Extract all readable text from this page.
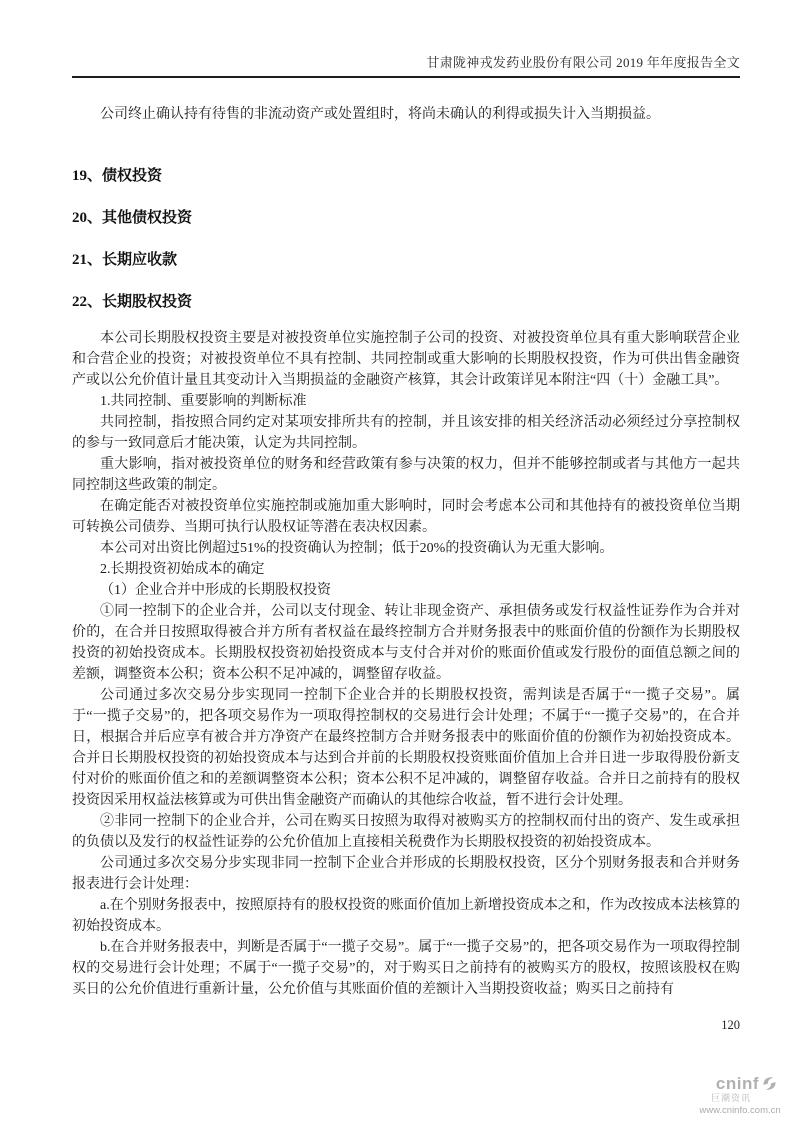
甘肃陇神戎发药业股份有限公司 2019 年年度报告全文

公司终止确认持有待售的非流动资产或处置组时，将尚未确认的利得或损失计入当期损益。

19、债权投资
20、其他债权投资
21、长期应收款
22、长期股权投资

本公司长期股权投资主要是对被投资单位实施控制子公司的投资、对被投资单位具有重大影响联营企业和合营企业的投资；对被投资单位不具有控制、共同控制或重大影响的长期股权投资，作为可供出售金融资产或以公允价值计量且其变动计入当期损益的金融资产核算，其会计政策详见本附注“四（十）金融工具”。

1.共同控制、重要影响的判断标准

共同控制，指按照合同约定对某项安排所共有的控制，并且该安排的相关经济活动必须经过分享控制权的参与一致同意后才能决策，认定为共同控制。

重大影响，指对被投资单位的财务和经营政策有参与决策的权力，但并不能够控制或者与其他方一起共同控制这些政策的制定。

在确定能否对被投资单位实施控制或施加重大影响时，同时会考虑本公司和其他持有的被投资单位当期可转换公司债券、当期可执行认股权证等潜在表决权因素。

本公司对出资比例超过51%的投资确认为控制；低于20%的投资确认为无重大影响。

2.长期投资初始成本的确定

（1）企业合并中形成的长期股权投资

①同一控制下的企业合并，公司以支付现金、转让非现金资产、承担债务或发行权益性证券作为合并对价的，在合并日按照取得被合并方所有者权益在最终控制方合并财务报表中的账面价值的份额作为长期股权投资的初始投资成本。长期股权投资初始投资成本与支付合并对价的账面价值或发行股份的面值总额之间的差额，调整资本公积；资本公积不足冲减的，调整留存收益。

公司通过多次交易分步实现同一控制下企业合并的长期股权投资，需判读是否属于“一揽子交易”。属于“一揽子交易”的，把各项交易作为一项取得控制权的交易进行会计处理；不属于“一揽子交易”的，在合并日，根据合并后应享有被合并方净资产在最终控制方合并财务报表中的账面价值的份额作为初始投资成本。合并日长期股权投资的初始投资成本与达到合并前的长期股权投资账面价值加上合并日进一步取得股份新支付对价的账面价值之和的差额调整资本公积；资本公积不足冲减的，调整留存收益。合并日之前持有的股权投资因采用权益法核算或为可供出售金融资产而确认的其他综合收益，暂不进行会计处理。

②非同一控制下的企业合并，公司在购买日按照为取得对被购买方的控制权而付出的资产、发生或承担的负债以及发行的权益性证券的公允价值加上直接相关税费作为长期股权投资的初始投资成本。

公司通过多次交易分步实现非同一控制下企业合并形成的长期股权投资，区分个别财务报表和合并财务报表进行会计处理：

a.在个别财务报表中，按照原持有的股权投资的账面价值加上新增投资成本之和，作为改按成本法核算的初始投资成本。

b.在合并财务报表中，判断是否属于“一揽子交易”。属于“一揽子交易”的，把各项交易作为一项取得控制权的交易进行会计处理；不属于“一揽子交易”的，对于购买日之前持有的被购买方的股权，按照该股权在购买日的公允价值进行重新计量，公允价值与其账面价值的差额计入当期投资收益；购买日之前持有

120
cninf
巨潮资讯
www.cninfo.com.cn
